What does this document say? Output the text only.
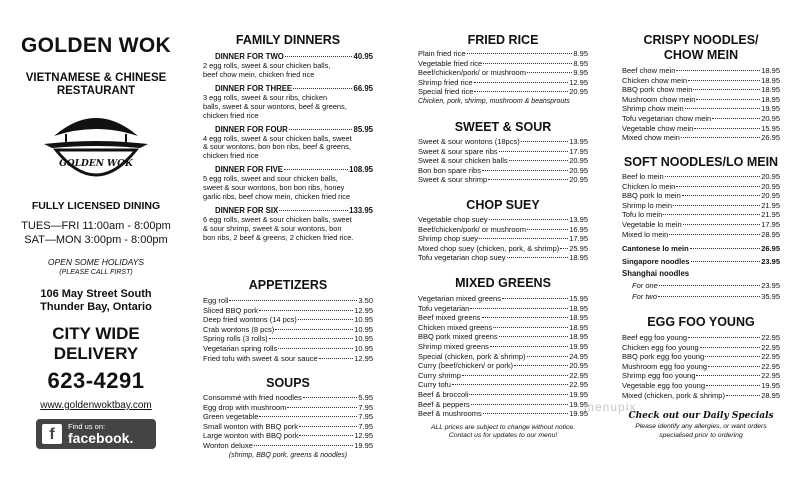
GOLDEN WOK
VIETNAMESE & CHINESE
RESTAURANT
GOLDEN WOK
FULLY LICENSED DINING
TUES—FRI 11:00am - 8:00pm
SAT—MON 3:00pm - 8:00pm
OPEN SOME HOLIDAYS
(PLEASE CALL FIRST)
106 May Street South
Thunder Bay, Ontario
CITY WIDE DELIVERY
623-4291
www.goldenwoktbay.com
f	Find us on:
facebook.
FAMILY DINNERS
DINNER FOR TWO	40.95
2 egg rolls, sweet & sour chicken balls,
beef chow mein, chicken fried rice
DINNER FOR THREE	66.95
3 egg rolls, sweet & sour ribs, chicken
balls, sweet & sour wontons, beef & greens,
chicken fried rice
DINNER FOR FOUR	85.95
4 egg rolls, sweet & sour chicken balls, sweet
& sour wontons, bon bon ribs, beef & greens,
chicken fried rice
DINNER FOR FIVE	108.95
5 egg rolls, sweet and sour chicken balls,
sweet & sour wontons, bon bon ribs, honey
garlic ribs, beef chow mein, chicken fried rice
DINNER FOR SIX	133.95
6 egg rolls, sweet & sour chicken balls, sweet
& sour shrimp, sweet & sour wontons, bon
bon ribs, 2 beef & greens, 2 chicken fried rice.
APPETIZERS
Egg roll	3.50
Sliced BBQ pork	12.95
Deep fried wontons (14 pcs)	10.95
Crab wontons (8 pcs)	10.95
Spring rolls (3 rolls)	10.95
Vegetarian spring rolls	10.95
Fried tofu with sweet & sour sauce	12.95
SOUPS
Consommé with fried noodles	5.95
Egg drop with mushroom	7.95
Green vegetable	7.95
Small wonton with BBQ pork	7.95
Large wonton with BBQ pork	12.95
Wonton deluxe	19.95
(shrimp, BBQ pork, greens & noodles)
FRIED RICE
Plain fried rice	8.95
Vegetable fried rice	8.95
Beef/chicken/pork/ or mushroom	9.95
Shrimp fried rice	12.95
Special fried rice	20.95
Chicken, pork, shrimp, mushroom & beansprouts
SWEET & SOUR
Sweet & sour wontons (18pcs)	13.95
Sweet & sour spare ribs	17.95
Sweet & sour chicken balls	20.95
Bon bon spare ribs	20.95
Sweet & sour shrimp	20.95
CHOP SUEY
Vegetable chop suey	13.95
Beef/chicken/pork/ or mushroom	16.95
Shrimp chop suey	17.95
Mixed chop suey (chicken, pork, & shrimp) 25.95
Tofu vegetarian chop suey	18.95
MIXED GREENS
Vegetarian mixed greens	15.95
Tofu vegetarian	18.95
Beef mixed greens	18.95
Chicken mixed greens	18.95
BBQ pork mixed greens	18.95
Shrimp mixed greens	19.95
Special (chicken, pork & shrimp)	24.95
Curry (beef/chicken/ or pork)	20.95
Curry shrimp	22.95
Curry tofu	22.95
Beef & broccoli	19.95
Beef & peppers	19.95
Beef & mushrooms	19.95
ALL prices are subject to change without notice.
Contact us for updates to our menu!
CRISPY NOODLES/
CHOW MEIN
Beef chow mein	18.95
Chicken chow mein	18.95
BBQ pork chow mein	18.95
Mushroom chow mein	18.95
Shrimp chow mein	19.95
Tofu vegetarian chow mein	20.95
Vegetable chow mein	15.95
Mixed chow mein	26.95
SOFT NOODLES/LO MEIN
Beef lo mein	20.95
Chicken lo mein	20.95
BBQ pork lo mein	20.95
Shrimp lo mein	21.95
Tofu lo mein	21.95
Vegetable lo mein	17.95
Mixed lo mein	28.95
Cantonese lo mein	26.95
Singapore noodles	23.95
Shanghai noodles
For one	23.95
For two	35.95
EGG FOO YOUNG
Beef egg foo young	22.95
Chicken egg foo young	22.95
BBQ pork egg foo young	22.95
Mushroom egg foo young	22.95
Shrimp egg foo young	22.95
Vegetable egg foo young	19.95
Mixed (chicken, pork & shrimp)	28.95
Check out our Daily Specials
Please identify any allergies, or want orders
specialised prior to ordering
menupix
